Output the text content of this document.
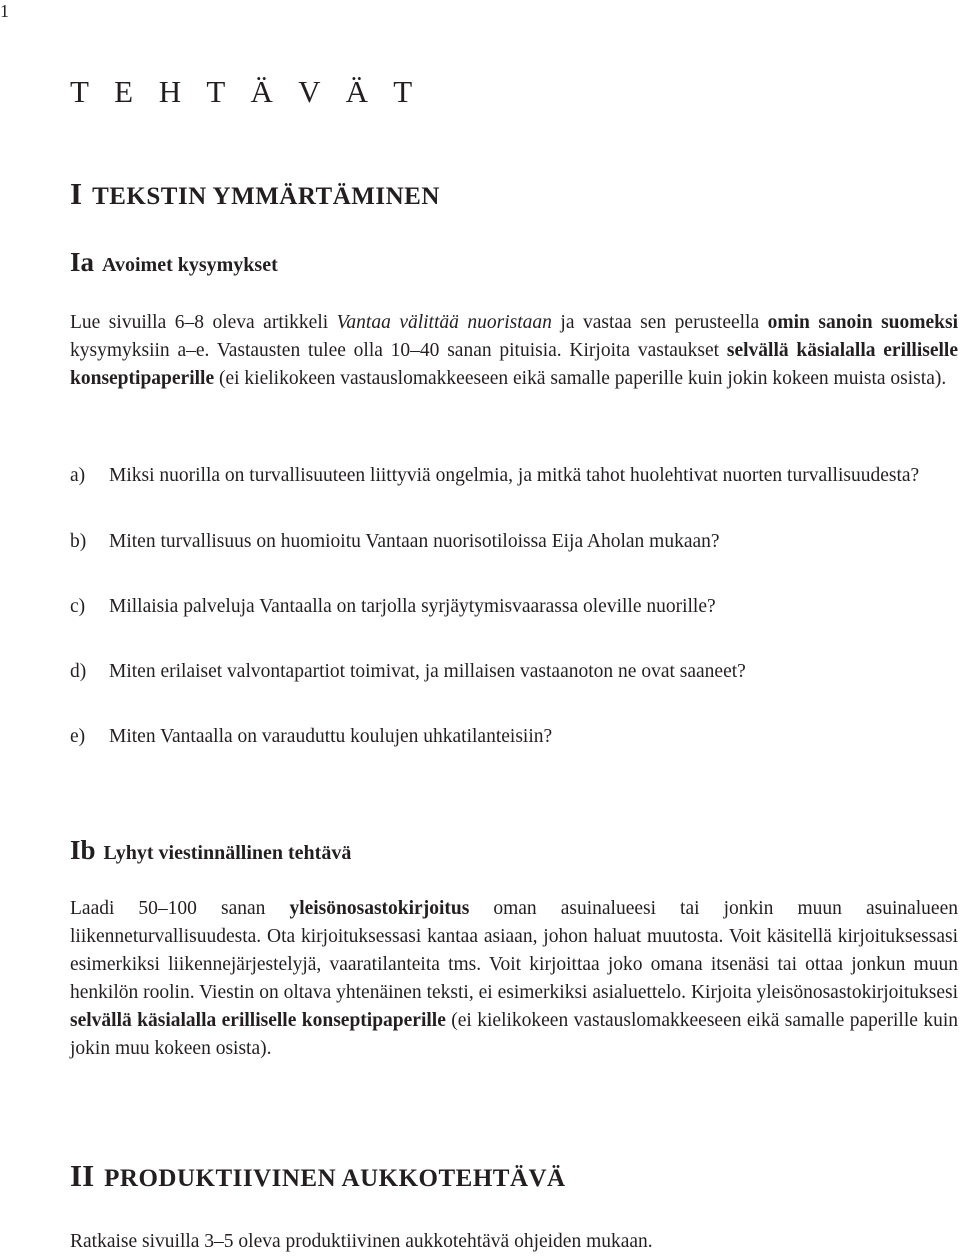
1
T E H T Ä V Ä T
I TEKSTIN YMMÄRTÄMINEN
Ia Avoimet kysymykset

Lue sivuilla 6–8 oleva artikkeli Vantaa välittää nuoristaan ja vastaa sen perusteella omin sanoin suomeksi kysymyksiin a–e. Vastausten tulee olla 10–40 sanan pituisia. Kirjoita vastaukset selvällä käsialalla erilliselle konseptipaperille (ei kielikokeen vastauslomakkeeseen eikä samalle paperille kuin jokin kokeen muista osista).

a)	Miksi nuorilla on turvallisuuteen liittyviä ongelmia, ja mitkä tahot huolehtivat nuorten turvallisuudesta?
b)	Miten turvallisuus on huomioitu Vantaan nuorisotiloissa Eija Aholan mukaan?
c)	Millaisia palveluja Vantaalla on tarjolla syrjäytymisvaarassa oleville nuorille?
d)	Miten erilaiset valvontapartiot toimivat, ja millaisen vastaanoton ne ovat saaneet?
e)	Miten Vantaalla on varauduttu koulujen uhkatilanteisiin?
Ib Lyhyt viestinnällinen tehtävä

Laadi 50–100 sanan yleisönosastokirjoitus oman asuinalueesi tai jonkin muun asuinalueen liikenneturvallisuudesta. Ota kirjoituksessasi kantaa asiaan, johon haluat muutosta. Voit käsitellä kirjoituksessasi esimerkiksi liikennejärjestelyjä, vaaratilanteita tms. Voit kirjoittaa joko omana itsenäsi tai ottaa jonkun muun henkilön roolin. Viestin on oltava yhtenäinen teksti, ei esimerkiksi asialuettelo. Kirjoita yleisönosastokirjoituksesi selvällä käsialalla erilliselle konseptipaperille (ei kielikokeen vastauslomakkeeseen eikä samalle paperille kuin jokin muu kokeen osista).

II PRODUKTIIVINEN AUKKOTEHTÄVÄ

Ratkaise sivuilla 3–5 oleva produktiivinen aukkotehtävä ohjeiden mukaan.
